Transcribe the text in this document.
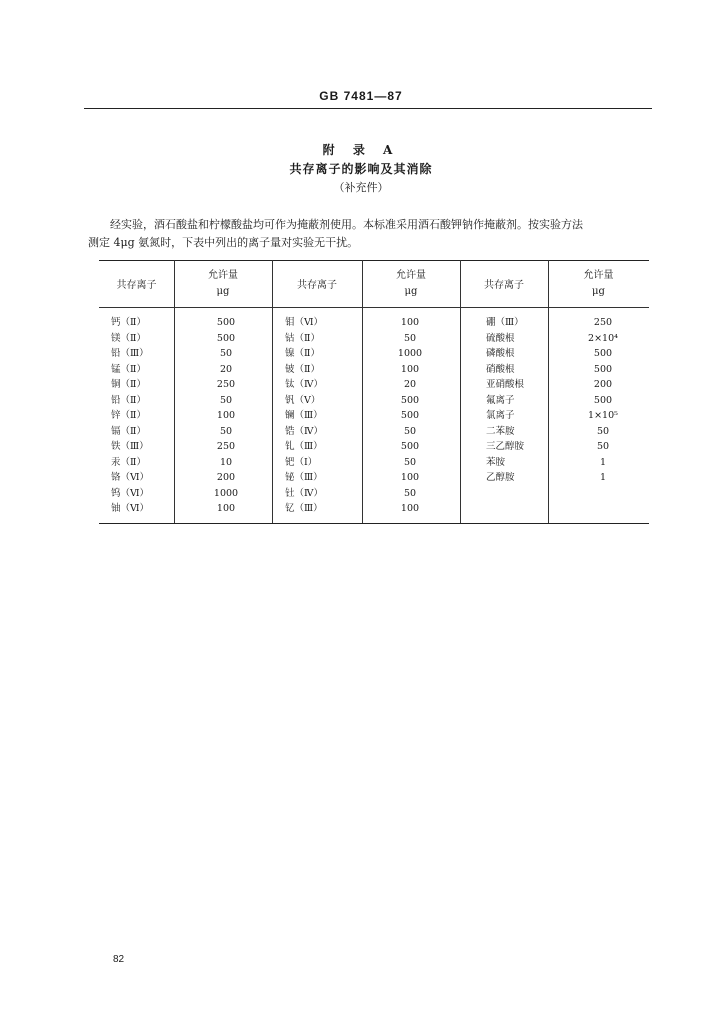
GB 7481—87
附 录 A
共存离子的影响及其消除
（补充件）
经实验，酒石酸盐和柠檬酸盐均可作为掩蔽剂使用。本标准采用酒石酸钾钠作掩蔽剂。按实验方法
测定 4μg 氨氮时，下表中列出的离子量对实验无干扰。
共存离子
允许量
μg
共存离子
允许量
μg
共存离子
允许量
μg
钙（Ⅱ）
镁（Ⅱ）
铅（Ⅲ）
锰（Ⅱ）
铜（Ⅱ）
铅（Ⅱ）
锌（Ⅱ）
镉（Ⅱ）
铁（Ⅲ）
汞（Ⅱ）
铬（Ⅵ）
钨（Ⅵ）
铀（Ⅵ）
500
500
50
20
250
50
100
50
250
10
200
1000
100
钼（Ⅵ）
钴（Ⅱ）
镍（Ⅱ）
铍（Ⅱ）
钛（Ⅳ）
钒（Ⅴ）
镧（Ⅲ）
锆（Ⅳ）
钆（Ⅲ）
钯（Ⅰ）
铋（Ⅲ）
钍（Ⅳ）
钇（Ⅲ）
100
50
1000
100
20
500
500
50
500
50
100
50
100
硼（Ⅲ）
硫酸根
磷酸根
硝酸根
亚硝酸根
氟离子
氯离子
二苯胺
三乙醇胺
苯胺
乙醇胺
250
2×10⁴
500
500
200
500
1×10⁵
50
50
1
1
82
